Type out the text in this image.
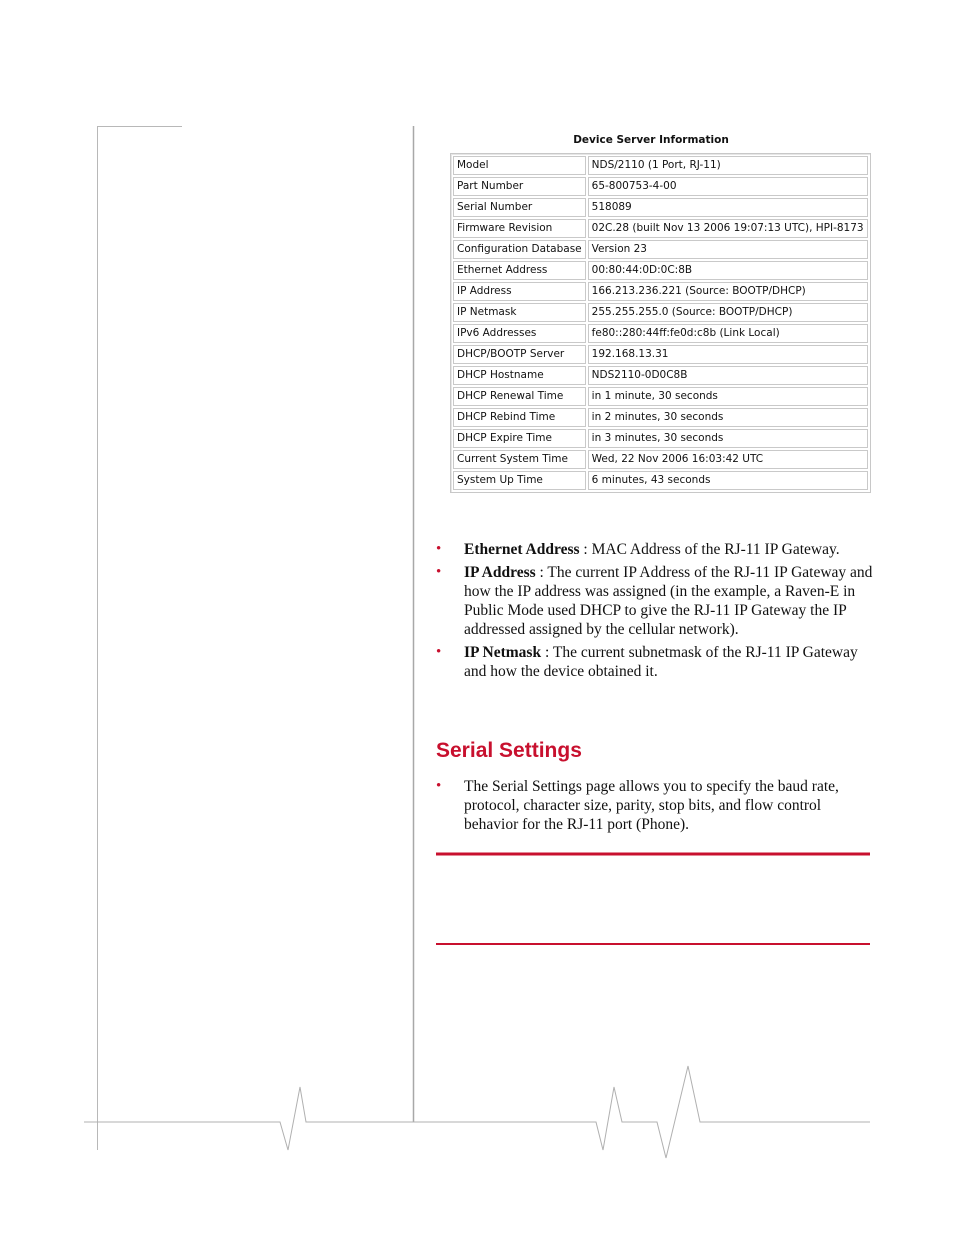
Device Server Information
Model	NDS/2110 (1 Port, RJ-11)
Part Number	65-800753-4-00
Serial Number	518089
Firmware Revision	02C.28 (built Nov 13 2006 19:07:13 UTC), HPI-8173
Configuration Database	Version 23
Ethernet Address	00:80:44:0D:0C:8B
IP Address	166.213.236.221 (Source: BOOTP/DHCP)
IP Netmask	255.255.255.0 (Source: BOOTP/DHCP)
IPv6 Addresses	fe80::280:44ff:fe0d:c8b (Link Local)
DHCP/BOOTP Server	192.168.13.31
DHCP Hostname	NDS2110-0D0C8B
DHCP Renewal Time	in 1 minute, 30 seconds
DHCP Rebind Time	in 2 minutes, 30 seconds
DHCP Expire Time	in 3 minutes, 30 seconds
Current System Time	Wed, 22 Nov 2006 16:03:42 UTC
System Up Time	6 minutes, 43 seconds
• Ethernet Address : MAC Address of the RJ-11 IP Gateway.
• IP Address : The current IP Address of the RJ-11 IP Gateway and how the IP address was assigned (in the example, a Raven-E in Public Mode used DHCP to give the RJ-11 IP Gateway the IP addressed assigned by the cellular network).
• IP Netmask : The current subnetmask of the RJ-11 IP Gateway and how the device obtained it.
Serial Settings
• The Serial Settings page allows you to specify the baud rate, protocol, character size, parity, stop bits, and flow control behavior for the RJ-11 port (Phone).
